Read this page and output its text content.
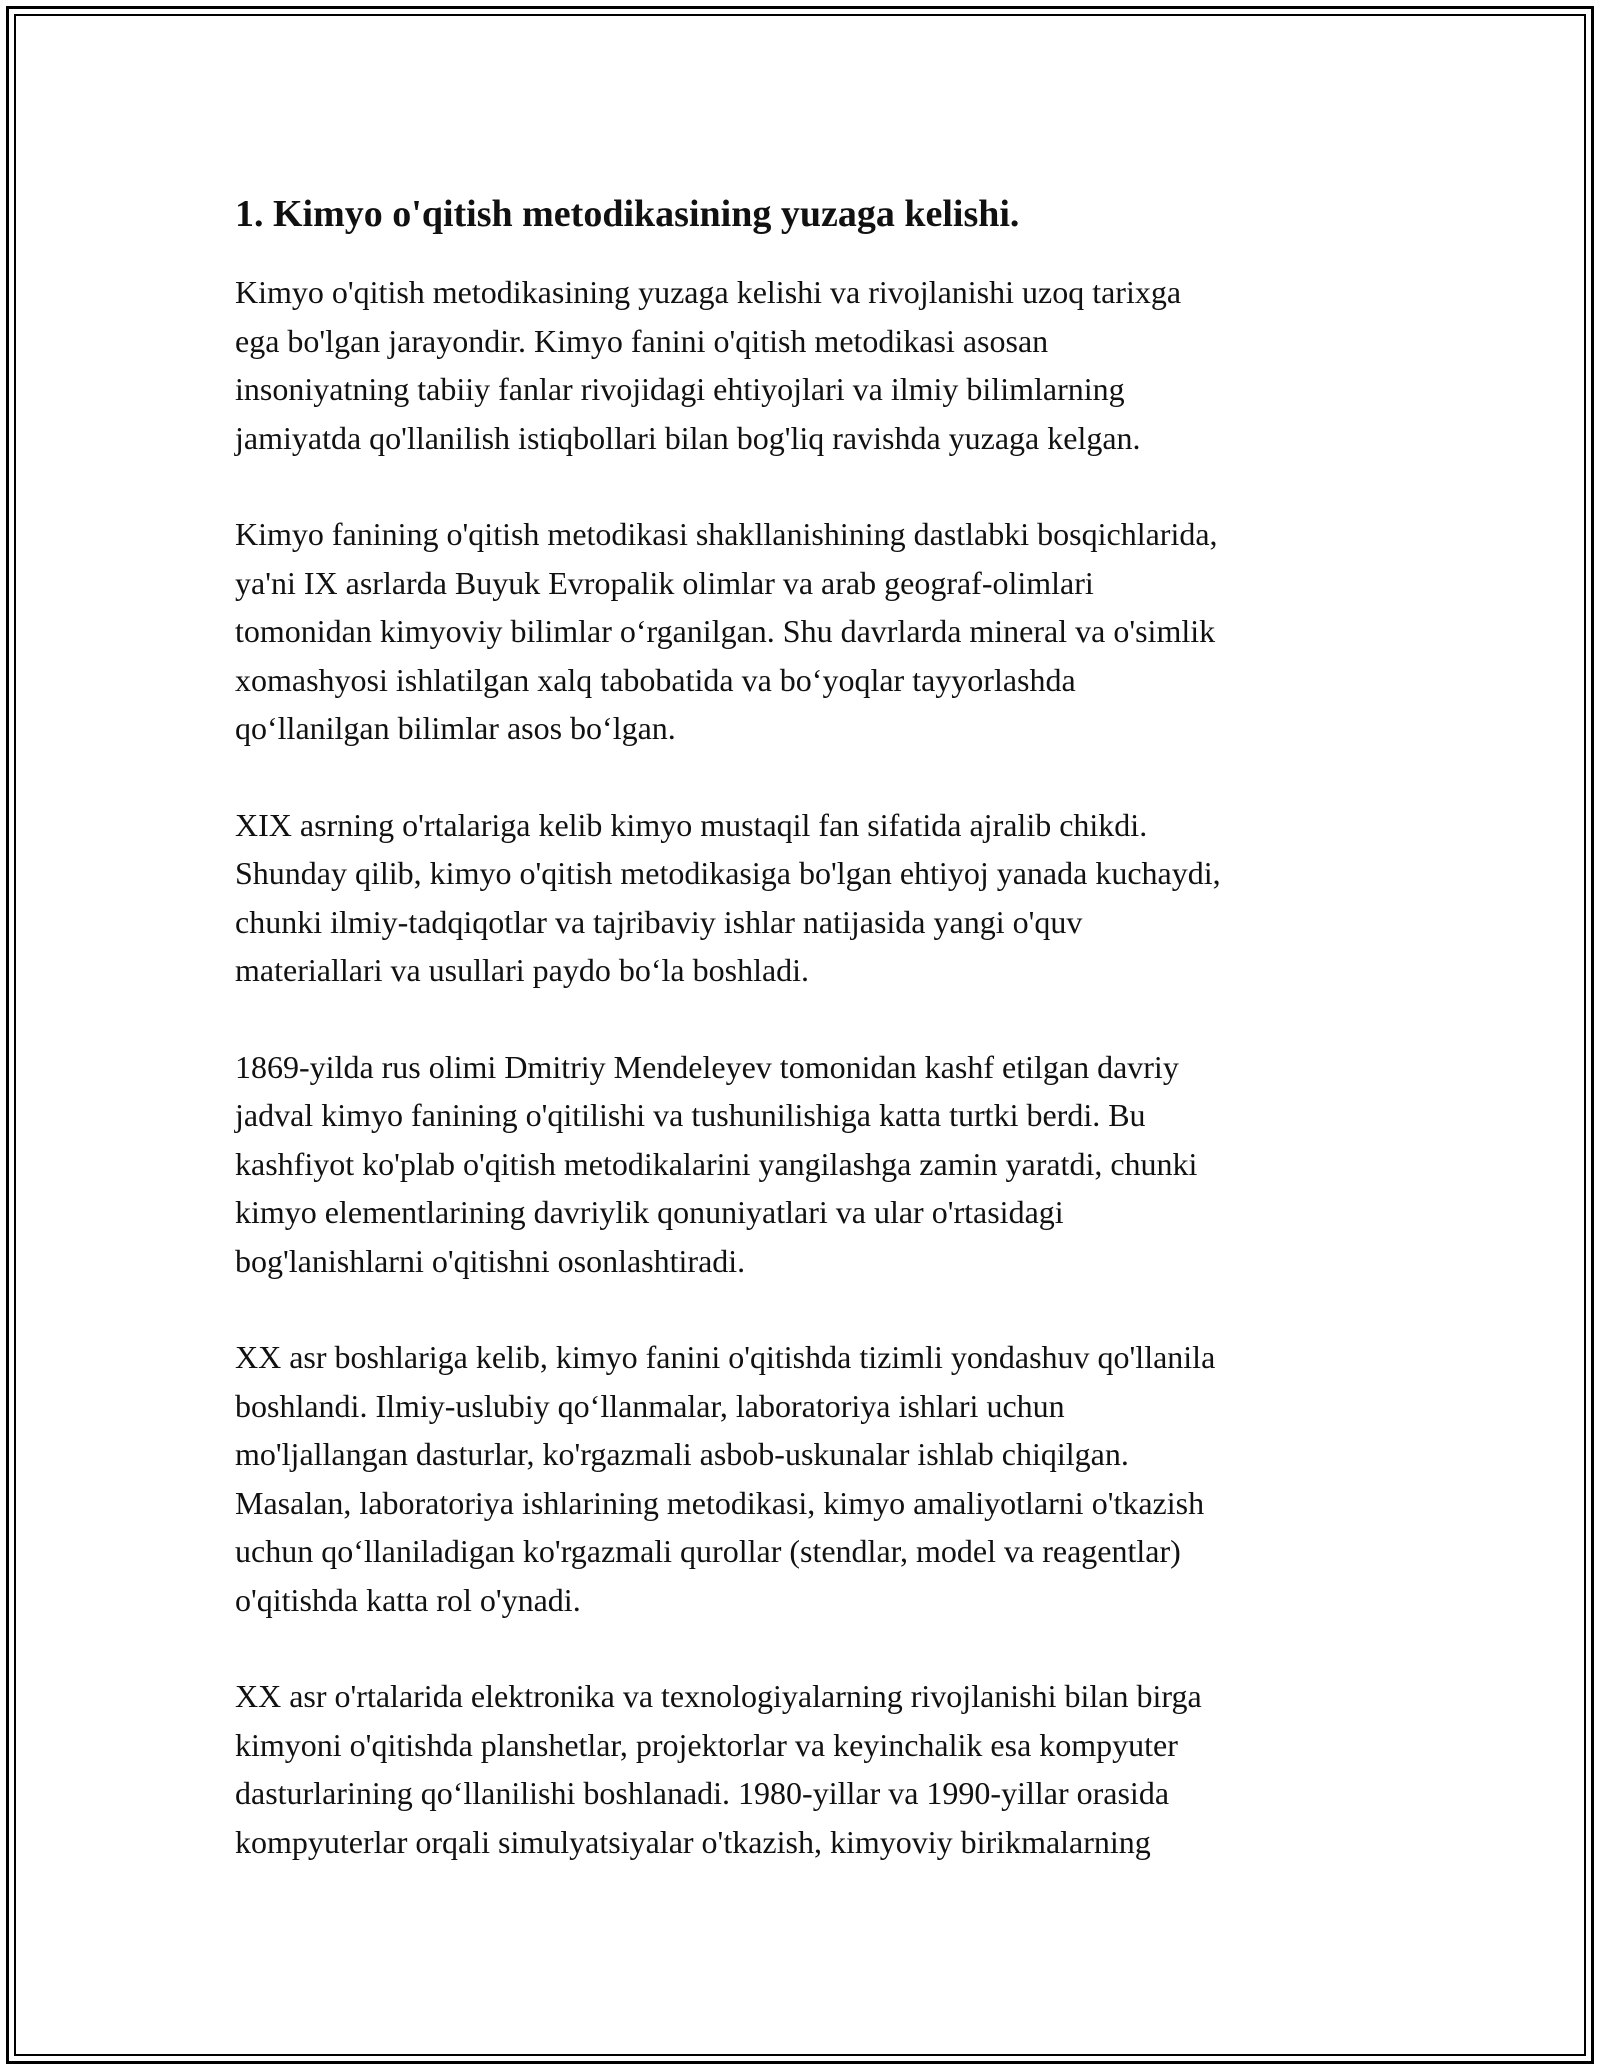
1. Kimyo o'qitish metodikasining yuzaga kelishi.

Kimyo o'qitish metodikasining yuzaga kelishi va rivojlanishi uzoq tarixga
ega bo'lgan jarayondir. Kimyo fanini o'qitish metodikasi asosan
insoniyatning tabiiy fanlar rivojidagi ehtiyojlari va ilmiy bilimlarning
jamiyatda qo'llanilish istiqbollari bilan bog'liq ravishda yuzaga kelgan.

Kimyo fanining o'qitish metodikasi shakllanishining dastlabki bosqichlarida,
ya'ni IX asrlarda Buyuk Evropalik olimlar va arab geograf-olimlari
tomonidan kimyoviy bilimlar o‘rganilgan. Shu davrlarda mineral va o'simlik
xomashyosi ishlatilgan xalq tabobatida va bo‘yoqlar tayyorlashda
qo‘llanilgan bilimlar asos bo‘lgan.

XIX asrning o'rtalariga kelib kimyo mustaqil fan sifatida ajralib chikdi.
Shunday qilib, kimyo o'qitish metodikasiga bo'lgan ehtiyoj yanada kuchaydi,
chunki ilmiy-tadqiqotlar va tajribaviy ishlar natijasida yangi o'quv
materiallari va usullari paydo bo‘la boshladi.

1869-yilda rus olimi Dmitriy Mendeleyev tomonidan kashf etilgan davriy
jadval kimyo fanining o'qitilishi va tushunilishiga katta turtki berdi. Bu
kashfiyot ko'plab o'qitish metodikalarini yangilashga zamin yaratdi, chunki
kimyo elementlarining davriylik qonuniyatlari va ular o'rtasidagi
bog'lanishlarni o'qitishni osonlashtiradi.

XX asr boshlariga kelib, kimyo fanini o'qitishda tizimli yondashuv qo'llanila
boshlandi. Ilmiy-uslubiy qo‘llanmalar, laboratoriya ishlari uchun
mo'ljallangan dasturlar, ko'rgazmali asbob-uskunalar ishlab chiqilgan.
Masalan, laboratoriya ishlarining metodikasi, kimyo amaliyotlarni o'tkazish
uchun qo‘llaniladigan ko'rgazmali qurollar (stendlar, model va reagentlar)
o'qitishda katta rol o'ynadi.

XX asr o'rtalarida elektronika va texnologiyalarning rivojlanishi bilan birga
kimyoni o'qitishda planshetlar, projektorlar va keyinchalik esa kompyuter
dasturlarining qo‘llanilishi boshlanadi. 1980-yillar va 1990-yillar orasida
kompyuterlar orqali simulyatsiyalar o'tkazish, kimyoviy birikmalarning
